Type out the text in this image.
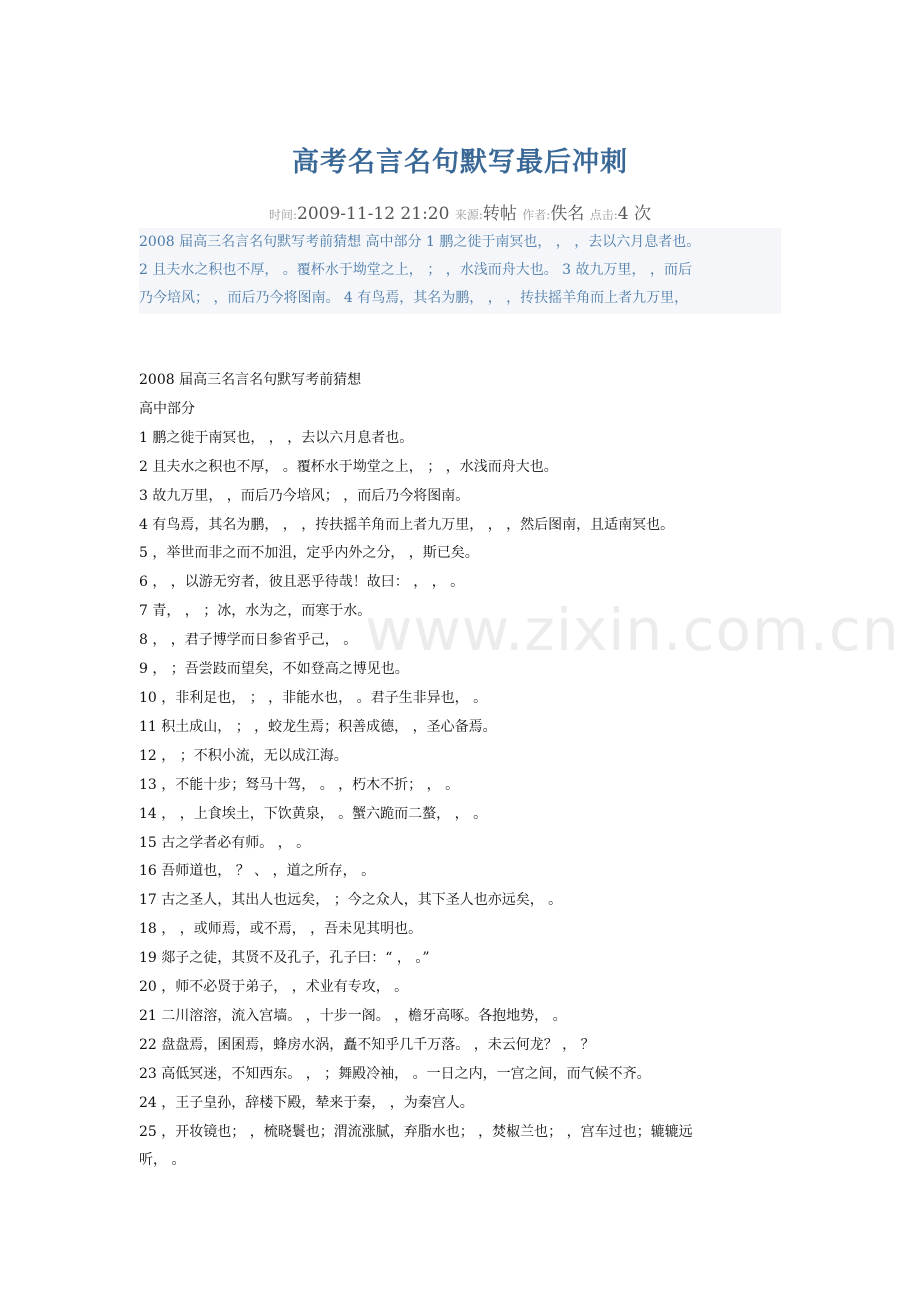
高考名言名句默写最后冲刺
时间:2009-11-12 21:20 来源:转帖 作者:佚名 点击:4 次

2008 届高三名言名句默写考前猜想 高中部分 1 鹏之徙于南冥也， ， ，去以六月息者也。

2 且夫水之积也不厚， 。覆杯水于坳堂之上， ； ，水浅而舟大也。 3 故九万里， ，而后

乃今培风； ，而后乃今将图南。 4 有鸟焉，其名为鹏， ， ，抟扶摇羊角而上者九万里，

2008 届高三名言名句默写考前猜想

高中部分

1 鹏之徙于南冥也， ， ，去以六月息者也。

2 且夫水之积也不厚， 。覆杯水于坳堂之上， ； ，水浅而舟大也。

3 故九万里， ，而后乃今培风； ，而后乃今将图南。

4 有鸟焉，其名为鹏， ， ，抟扶摇羊角而上者九万里， ， ，然后图南，且适南冥也。

5 ，举世而非之而不加沮，定乎内外之分， ，斯已矣。

6 ， ，以游无穷者，彼且恶乎待哉！故曰： ， ， 。

7 青， ， ；冰，水为之，而寒于水。

8 ， ，君子博学而日参省乎己， 。

9 ， ；吾尝跂而望矣，不如登高之博见也。

10 ，非利足也， ； ，非能水也， 。君子生非异也， 。

11 积土成山， ； ，蛟龙生焉；积善成德， ，圣心备焉。

12 ， ；不积小流，无以成江海。

13 ，不能十步；驽马十驾， 。 ，朽木不折； ， 。

14 ， ，上食埃土，下饮黄泉， 。蟹六跪而二螯， ， 。

15 古之学者必有师。 ， 。

16 吾师道也， ？ 、 ，道之所存， 。

17 古之圣人，其出人也远矣， ；今之众人，其下圣人也亦远矣， 。

18 ， ，或师焉，或不焉， ，吾未见其明也。

19 郯子之徒，其贤不及孔子，孔子曰：“ ， 。”

20 ，师不必贤于弟子， ，术业有专攻， 。

21 二川溶溶，流入宫墙。 ，十步一阁。 ，檐牙高啄。各抱地势， 。

22 盘盘焉，囷囷焉，蜂房水涡，矗不知乎几千万落。 ，未云何龙？ ， ？

23 高低冥迷，不知西东。 ， ；舞殿冷袖， 。一日之内，一宫之间，而气候不齐。

24 ，王子皇孙，辞楼下殿，辇来于秦， ，为秦宫人。

25 ，开妆镜也； ，梳晓鬟也；渭流涨腻，弃脂水也； ，焚椒兰也； ，宫车过也；辘辘远

听， 。

www.zixin.com.cn
